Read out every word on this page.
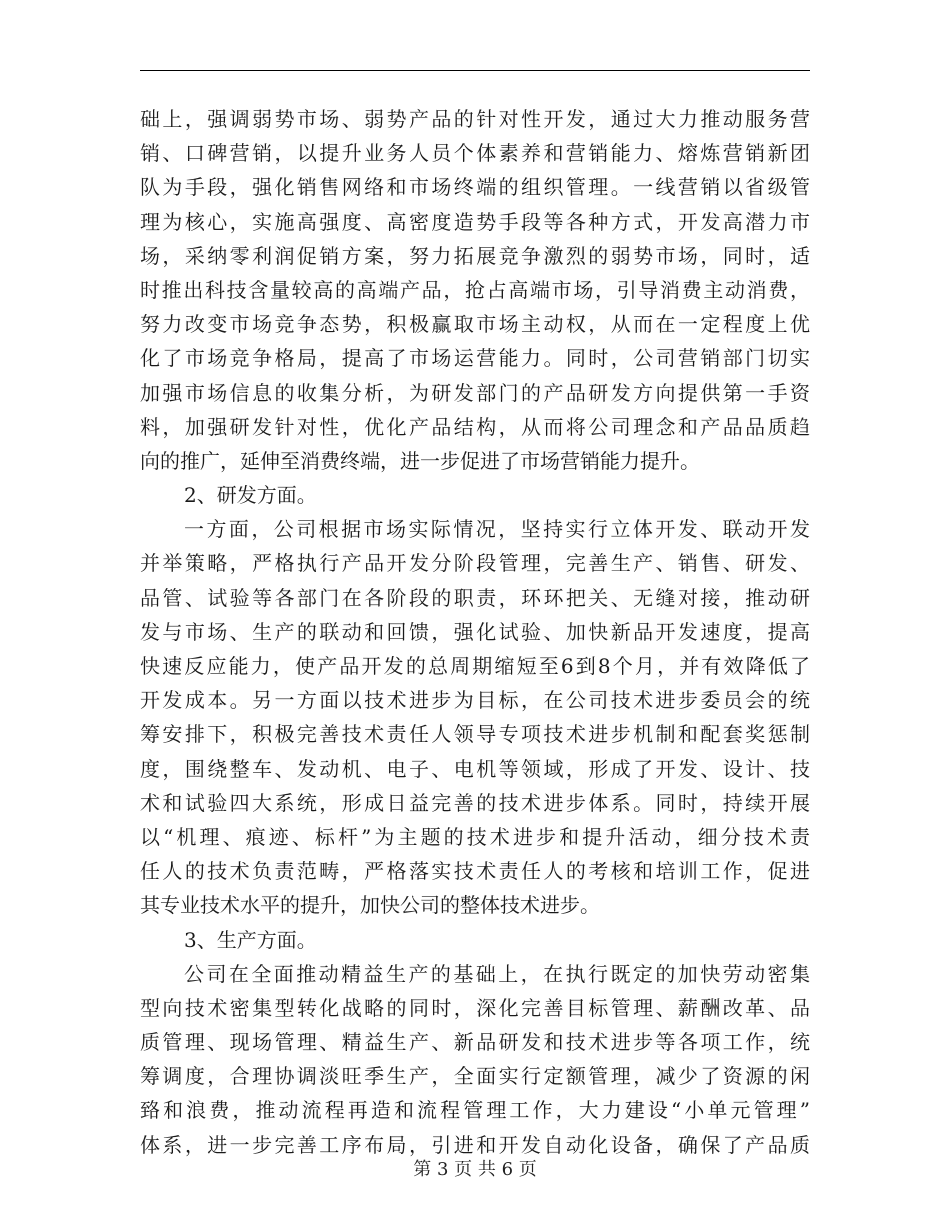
础上，强调弱势市场、弱势产品的针对性开发，通过大力推动服务营
销、口碑营销，以提升业务人员个体素养和营销能力、熔炼营销新团
队为手段，强化销售网络和市场终端的组织管理。一线营销以省级管
理为核心，实施高强度、高密度造势手段等各种方式，开发高潜力市
场，采纳零利润促销方案，努力拓展竞争激烈的弱势市场，同时，适
时推出科技含量较高的高端产品，抢占高端市场，引导消费主动消费，
努力改变市场竞争态势，积极赢取市场主动权，从而在一定程度上优
化了市场竞争格局，提高了市场运营能力。同时，公司营销部门切实
加强市场信息的收集分析，为研发部门的产品研发方向提供第一手资
料，加强研发针对性，优化产品结构，从而将公司理念和产品品质趋
向的推广，延伸至消费终端，进一步促进了市场营销能力提升。
2、研发方面。
一方面，公司根据市场实际情况，坚持实行立体开发、联动开发
并举策略，严格执行产品开发分阶段管理，完善生产、销售、研发、
品管、试验等各部门在各阶段的职责，环环把关、无缝对接，推动研
发与市场、生产的联动和回馈，强化试验、加快新品开发速度，提高
快速反应能力，使产品开发的总周期缩短至6到8个月，并有效降低了
开发成本。另一方面以技术进步为目标，在公司技术进步委员会的统
筹安排下，积极完善技术责任人领导专项技术进步机制和配套奖惩制
度，围绕整车、发动机、电子、电机等领域，形成了开发、设计、技
术和试验四大系统，形成日益完善的技术进步体系。同时，持续开展
以“机理、痕迹、标杆”为主题的技术进步和提升活动，细分技术责
任人的技术负责范畴，严格落实技术责任人的考核和培训工作，促进
其专业技术水平的提升，加快公司的整体技术进步。
3、生产方面。
公司在全面推动精益生产的基础上，在执行既定的加快劳动密集
型向技术密集型转化战略的同时，深化完善目标管理、薪酬改革、品
质管理、现场管理、精益生产、新品研发和技术进步等各项工作，统
筹调度，合理协调淡旺季生产，全面实行定额管理，减少了资源的闲
臵和浪费，推动流程再造和流程管理工作，大力建设“小单元管理”
体系，进一步完善工序布局，引进和开发自动化设备，确保了产品质
第 3 页 共 6 页
